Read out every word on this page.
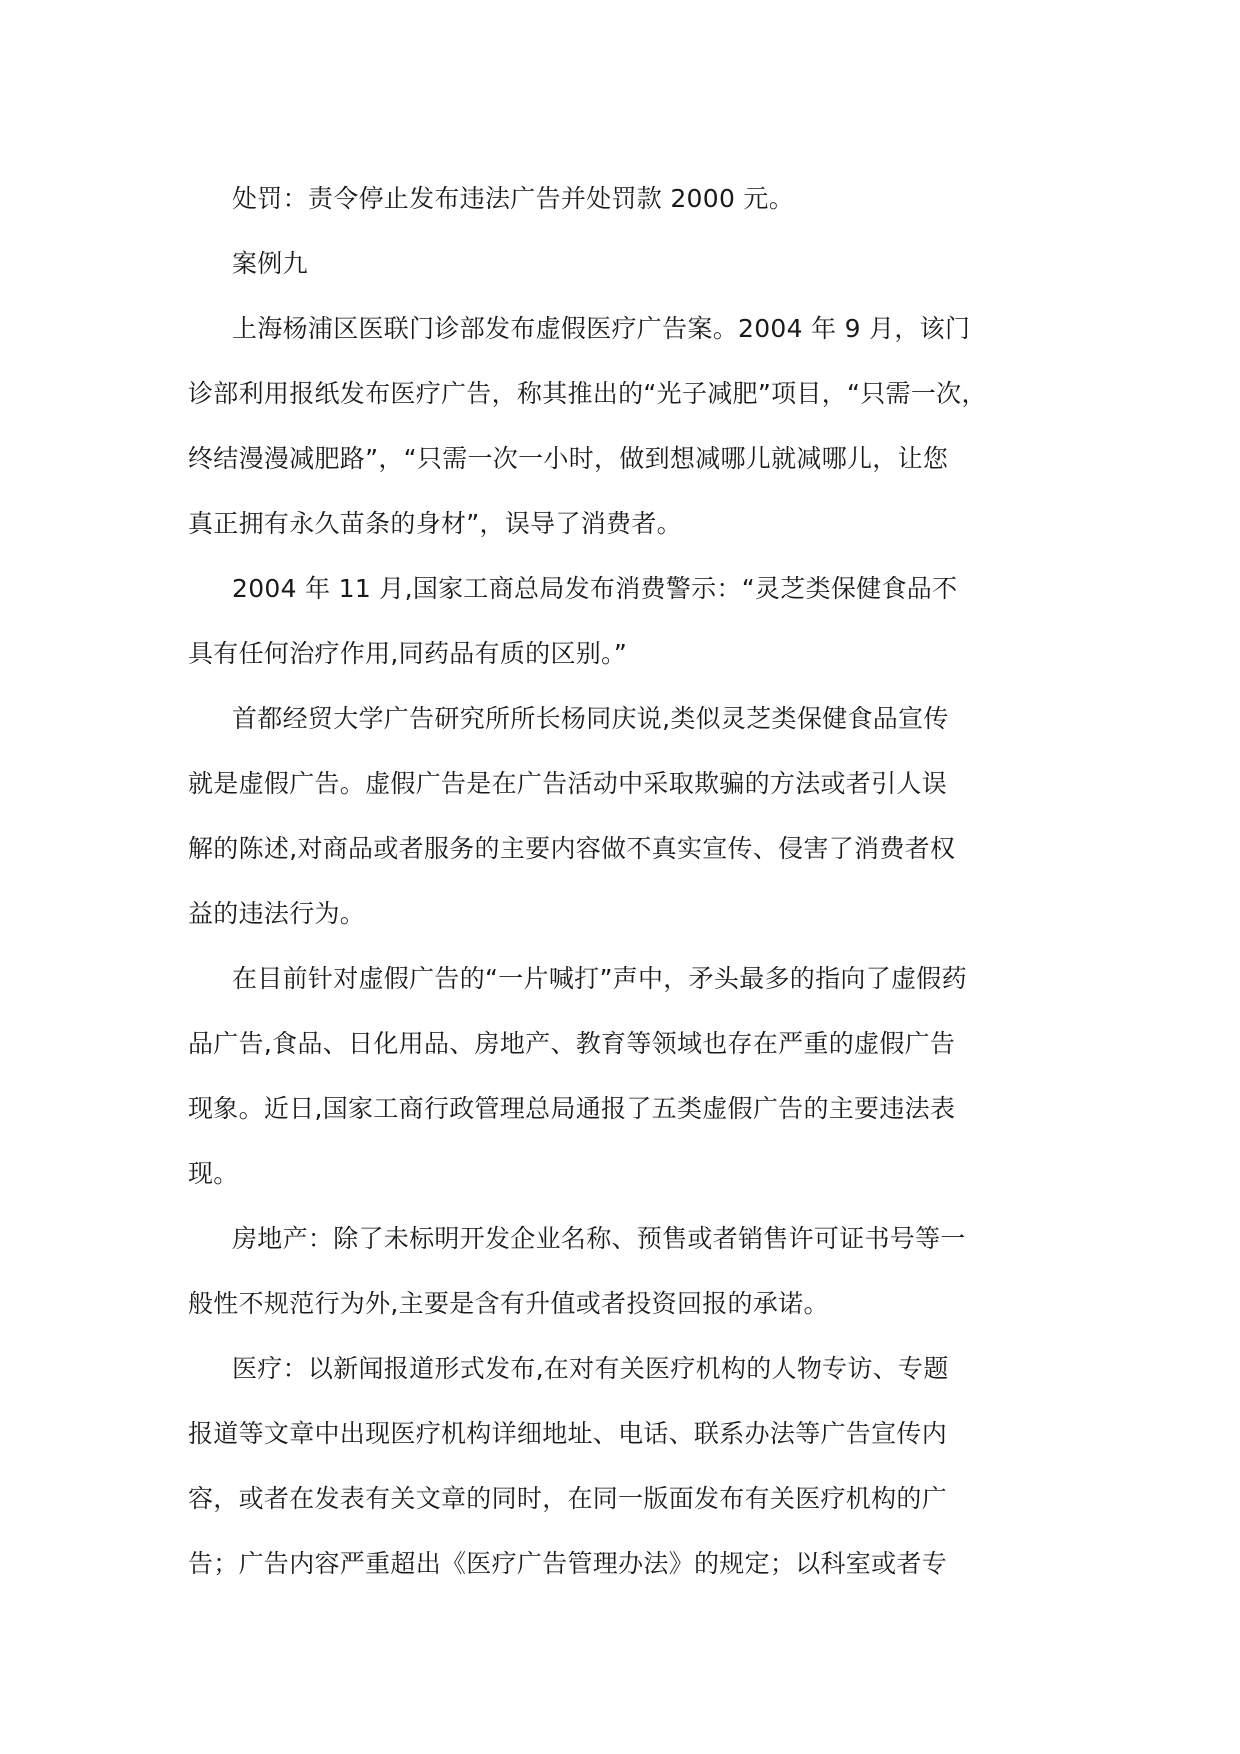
处罚：责令停止发布违法广告并处罚款 2000 元。

案例九

上海杨浦区医联门诊部发布虚假医疗广告案。2004 年 9 月，该门
诊部利用报纸发布医疗广告，称其推出的“光子减肥”项目，“只需一次，
终结漫漫减肥路”，“只需一次一小时，做到想减哪儿就减哪儿，让您
真正拥有永久苗条的身材”，误导了消费者。

2004 年 11 月,国家工商总局发布消费警示：“灵芝类保健食品不
具有任何治疗作用,同药品有质的区别。”

首都经贸大学广告研究所所长杨同庆说,类似灵芝类保健食品宣传
就是虚假广告。虚假广告是在广告活动中采取欺骗的方法或者引人误
解的陈述,对商品或者服务的主要内容做不真实宣传、侵害了消费者权
益的违法行为。

在目前针对虚假广告的“一片喊打”声中，矛头最多的指向了虚假药
品广告,食品、日化用品、房地产、教育等领域也存在严重的虚假广告
现象。近日,国家工商行政管理总局通报了五类虚假广告的主要违法表
现。

房地产：除了未标明开发企业名称、预售或者销售许可证书号等一
般性不规范行为外,主要是含有升值或者投资回报的承诺。

医疗：以新闻报道形式发布,在对有关医疗机构的人物专访、专题
报道等文章中出现医疗机构详细地址、电话、联系办法等广告宣传内
容，或者在发表有关文章的同时，在同一版面发布有关医疗机构的广
告；广告内容严重超出《医疗广告管理办法》的规定；以科室或者专
